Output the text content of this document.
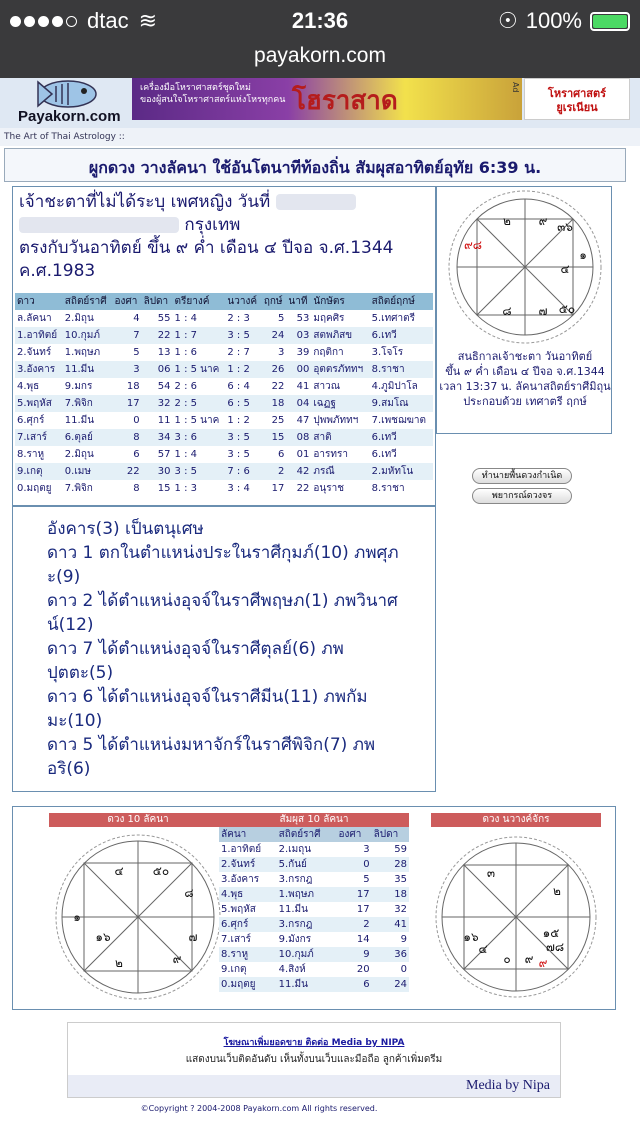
dtac ≋	21:36	☉ 100%
payakorn.com
Payakorn.com
เครื่องมือโหราศาสตร์ชุดใหม่
ของผู้สนใจโหราศาสตร์แห่งโหรทุกคน โฮราสาด	Ad	โหราศาสตร์
ยูเรเนียน
The Art of Thai Astrology ::
ผูกดวง วางลัคนา ใช้อันโตนาทีท้องถิ่น สัมผุสอาทิตย์อุทัย 6:39 น.
เจ้าชะตาที่ไม่ได้ระบุ เพศหญิง วันที่
กรุงเทพ
ตรงกับวันอาทิตย์ ขึ้น ๙ ค่ำ เดือน ๔ ปีจอ จ.ศ.1344
ค.ศ.1983
ดาว	สถิตย์ราศี	องศา	ลิปดา	ตรียางค์	นวางค์	ฤกษ์	นาที	นักษัตร	สถิตย์ฤกษ์
ล.ลัคนา	2.มิถุน	4	55	1 : 4	2 : 3	5	53	มฤคศิร	5.เทศาตรี
1.อาทิตย์	10.กุมภ์	7	22	1 : 7	3 : 5	24	03	สตพภิสข	6.เทวี
2.จันทร์	1.พฤษภ	5	13	1 : 6	2 : 7	3	39	กฤติกา	3.โจโร
3.อังคาร	11.มีน	3	06	1 : 5 นาค	1 : 2	26	00	อุตตรภัททฯ	8.ราชา
4.พุธ	9.มกร	18	54	2 : 6	6 : 4	22	41	สาวณ	4.ภูมิปาโล
5.พฤหัส	7.พิจิก	17	32	2 : 5	6 : 5	18	04	เฉฏฐ	9.สมโณ
6.ศุกร์	11.มีน	0	11	1 : 5 นาค	1 : 2	25	47	ปุพพภัททฯ	7.เพชฌฆาต
7.เสาร์	6.ตุลย์	8	34	3 : 6	3 : 5	15	08	สาติ	6.เทวี
8.ราหู	2.มิถุน	6	57	1 : 4	3 : 5	6	01	อารทรา	6.เทวี
9.เกตุ	0.เมษ	22	30	3 : 5	7 : 6	2	42	ภรณี	2.มหัทโน
0.มฤตยู	7.พิจิก	8	15	1 : 3	3 : 4	17	22	อนุราช	8.ราชา
๒ ๙ ๓๖
๑
๔
๗ ๕๐
๘
๙๘
สนธิกาลเจ้าชะตา วันอาทิตย์
ขึ้น ๙ ค่ำ เดือน ๔ ปีจอ จ.ศ.1344
เวลา 13:37 น. ลัคนาสถิตย์ราศีมิถุน
ประกอบด้วย เทศาตรี ฤกษ์
ทำนายพื้นดวงกำเนิด
พยากรณ์ดวงจร
อังคาร(3) เป็นตนุเศษ
ดาว 1 ตกในตำแหน่งประในราศีกุมภ์(10) ภพศุภ
ะ(9)
ดาว 2 ได้ตำแหน่งอุจจ์ในราศีพฤษภ(1) ภพวินาศ
น์(12)
ดาว 7 ได้ตำแหน่งอุจจ์ในราศีตุลย์(6) ภพ
ปุตตะ(5)
ดาว 6 ได้ตำแหน่งอุจจ์ในราศีมีน(11) ภพกัม
มะ(10)
ดาว 5 ได้ตำแหน่งมหาจักร์ในราศีพิจิก(7) ภพ
อริ(6)
ดวง 10 ลัคนา
๔ ๕๐
๑
๘
๑๖	๗
๒	๙
สัมผุส 10 ลัคนา
ลัคนา	สถิตย์ราศี	องศา	ลิปดา
1.อาทิตย์	2.เมถุน	3	59
2.จันทร์	5.กันย์	0	28
3.อังคาร	3.กรกฎ	5	35
4.พุธ	1.พฤษภ	17	18
5.พฤหัส	11.มีน	17	32
6.ศุกร์	3.กรกฎ	2	41
7.เสาร์	9.มังกร	14	9
8.ราหู	10.กุมภ์	9	36
9.เกตุ	4.สิงห์	20	0
0.มฤตยู	11.มีน	6	24
ดวง นวางค์จักร
๓
๒
๑๖	๑๕
๗๘
๙
๐
๔
๙
โฆษณาเพิ่มยอดขาย ติดต่อ Media by NIPA
แสดงบนเว็บติดอันดับ เห็นทั้งบนเว็บและมือถือ ลูกค้าเพิ่มดรีม
Media by Nipa
©Copyright ? 2004-2008 Payakorn.com All rights reserved.
